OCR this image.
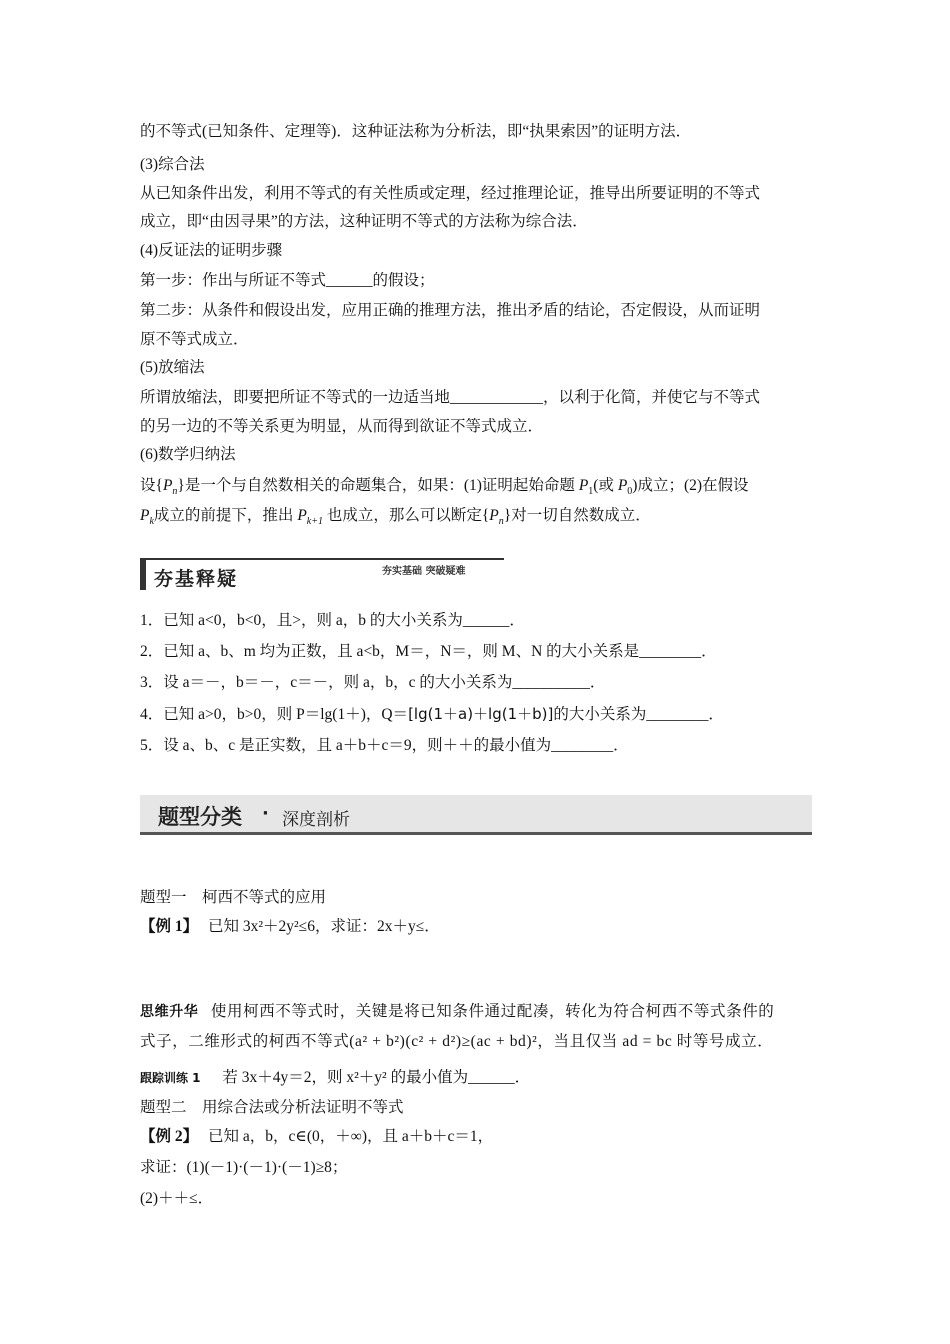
的不等式(已知条件、定理等)．这种证法称为分析法，即“执果索因”的证明方法．
(3)综合法
从已知条件出发，利用不等式的有关性质或定理，经过推理论证，推导出所要证明的不等式
成立，即“由因寻果”的方法，这种证明不等式的方法称为综合法．
(4)反证法的证明步骤
第一步：作出与所证不等式______的假设；
第二步：从条件和假设出发，应用正确的推理方法，推出矛盾的结论，否定假设，从而证明
原不等式成立．
(5)放缩法
所谓放缩法，即要把所证不等式的一边适当地____________，以利于化简，并使它与不等式
的另一边的不等关系更为明显，从而得到欲证不等式成立．
(6)数学归纳法
设$\{P_n\}$是一个与自然数相关的命题集合，如果：(1)证明起始命题 $P_1$(或 $P_0$)成立；(2)在假设
$P_k$成立的前提下，推出 $P_{k+1}$ 也成立，那么可以断定$\{P_n\}$对一切自然数成立．
夯基释疑	夯实基础 突破疑难
1．已知 a<0，b<0，且>，则 a，b 的大小关系为______．
2．已知 a、b、m 均为正数，且 a<b，M＝，N＝，则 M、N 的大小关系是________．
3．设 a＝－，b＝－，c＝－，则 a，b，c 的大小关系为__________．
4．已知 a>0，b>0，则 P＝lg(1＋)，Q＝[lg(1＋a)＋lg(1＋b)]的大小关系为________．
5．设 a、b、c 是正实数，且 a＋b＋c＝9，则＋＋的最小值为________．
题型分类 · 深度剖析
题型一　柯西不等式的应用
【例 1】 已知 3x²＋2y²≤6，求证：2x＋y≤．
思维升华 使用柯西不等式时，关键是将已知条件通过配凑，转化为符合柯西不等式条件的
式子，二维形式的柯西不等式(a² + b²)(c² + d²)≥(ac + bd)²，当且仅当 ad = bc 时等号成立．
跟踪训练 1 若 3x＋4y＝2，则 x²＋y² 的最小值为______．
题型二　用综合法或分析法证明不等式
【例 2】 已知 a，b，c∈(0，＋∞)，且 a＋b＋c＝1，
求证：(1)(－1)·(－1)·(－1)≥8；
(2)＋＋≤．
